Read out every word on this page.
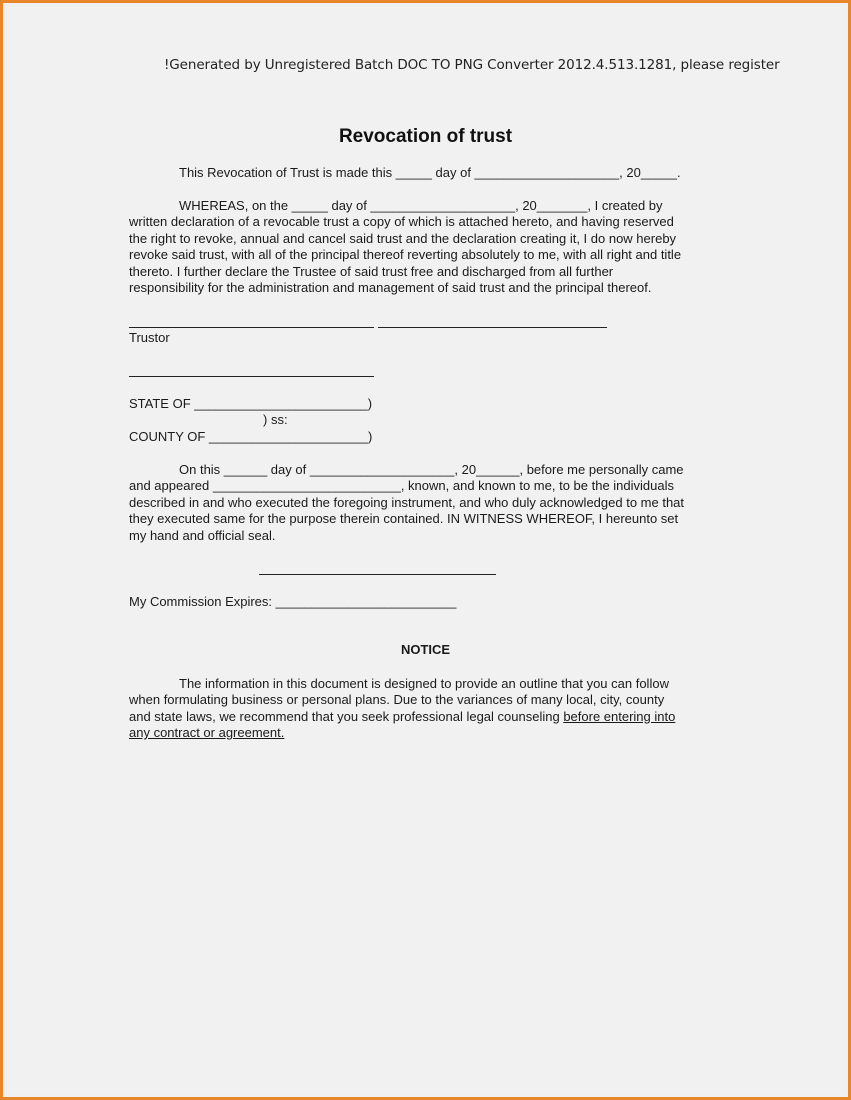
!Generated by Unregistered Batch DOC TO PNG Converter 2012.4.513.1281, please register
Revocation of trust
This Revocation of Trust is made this _____ day of ____________________, 20_____.
WHEREAS, on the _____ day of ____________________, 20_______, I created by
written declaration of a revocable trust a copy of which is attached hereto, and having reserved
the right to revoke, annual and cancel said trust and the declaration creating it, I do now hereby
revoke said trust, with all of the principal thereof reverting absolutely to me, with all right and title
thereto. I further declare the Trustee of said trust free and discharged from all further
responsibility for the administration and management of said trust and the principal thereof.
Trustor
STATE OF ________________________)
) ss:
COUNTY OF ______________________)
On this ______ day of ____________________, 20______, before me personally came
and appeared __________________________, known, and known to me, to be the individuals
described in and who executed the foregoing instrument, and who duly acknowledged to me that
they executed same for the purpose therein contained. IN WITNESS WHEREOF, I hereunto set
my hand and official seal.
My Commission Expires: _________________________
NOTICE
The information in this document is designed to provide an outline that you can follow
when formulating business or personal plans. Due to the variances of many local, city, county
and state laws, we recommend that you seek professional legal counseling before entering into
any contract or agreement.
